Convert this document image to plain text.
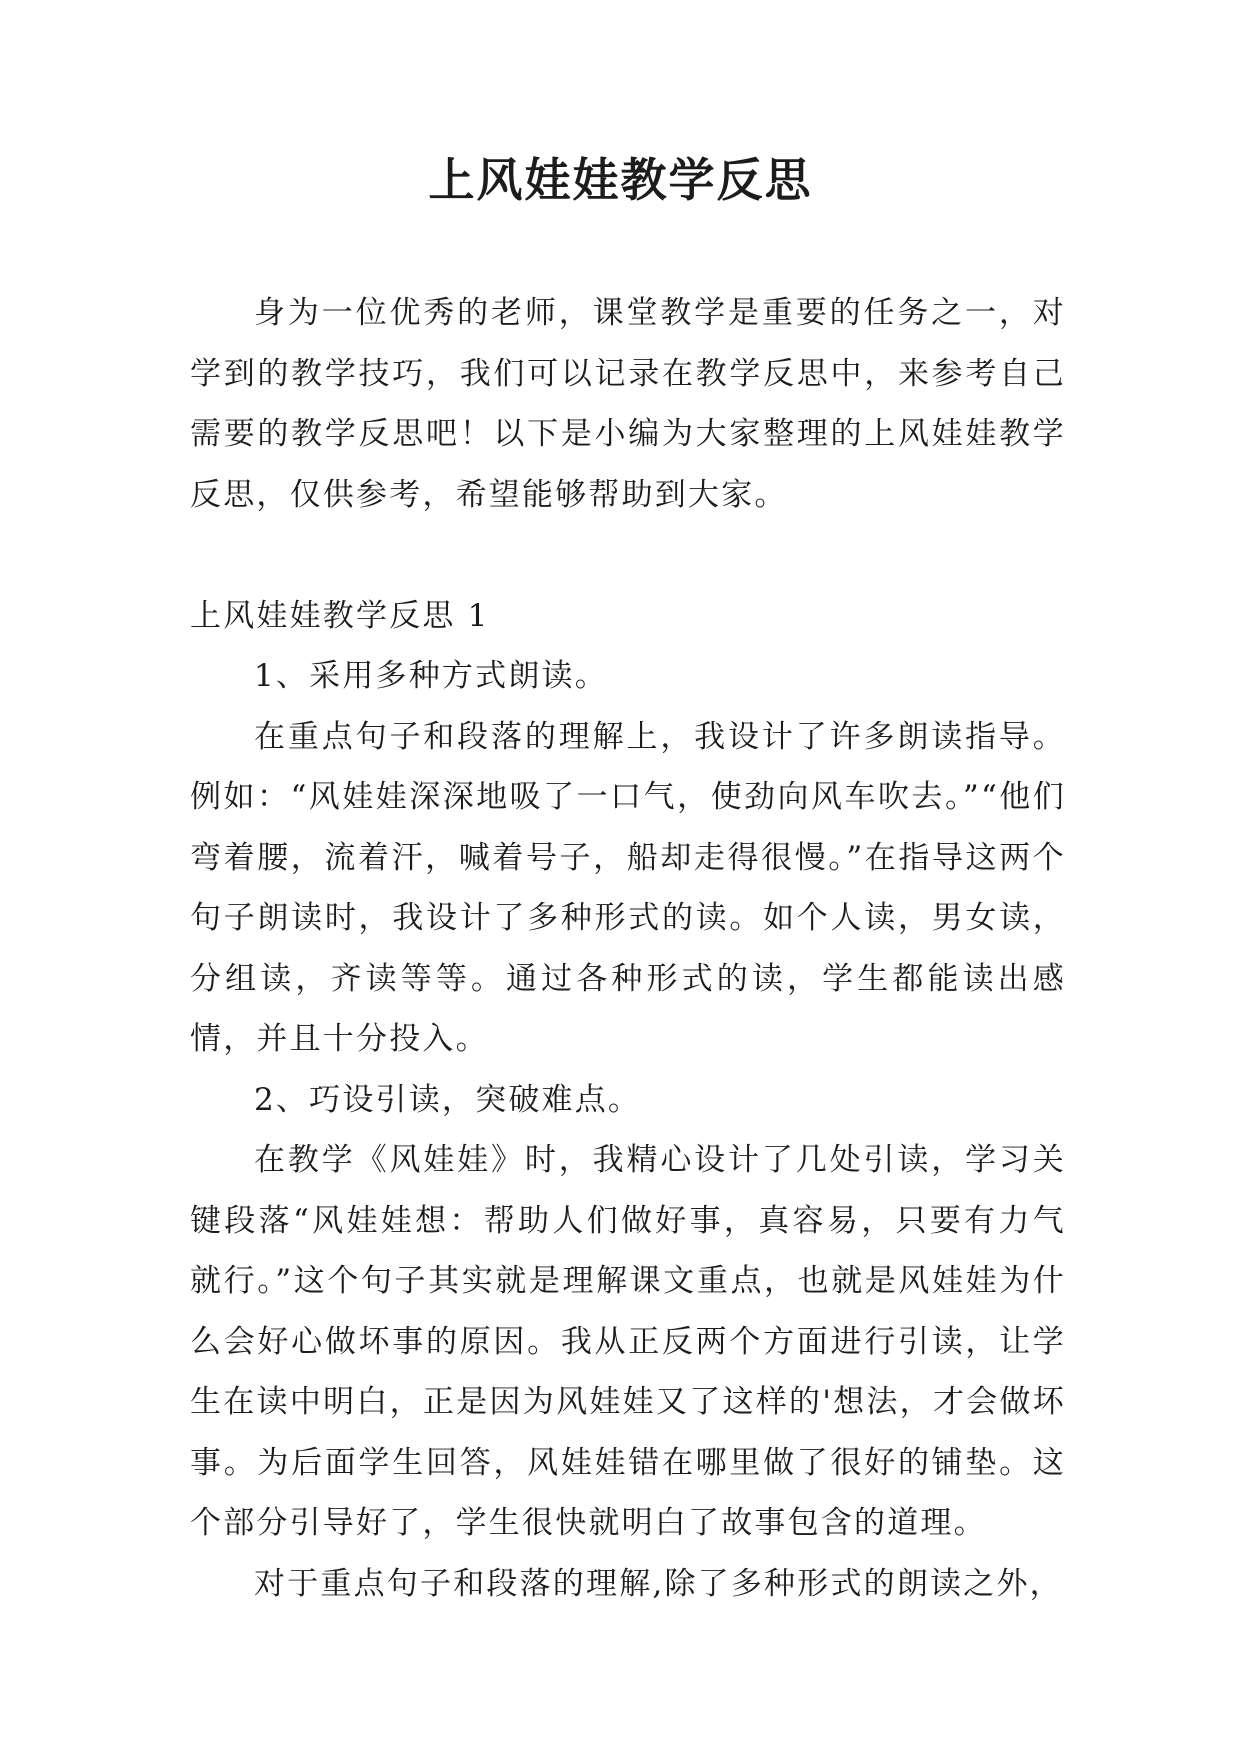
上风娃娃教学反思

身为一位优秀的老师，课堂教学是重要的任务之一，对学到的教学技巧，我们可以记录在教学反思中，来参考自己需要的教学反思吧！以下是小编为大家整理的上风娃娃教学反思，仅供参考，希望能够帮助到大家。

上风娃娃教学反思 1

1、采用多种方式朗读。

在重点句子和段落的理解上，我设计了许多朗读指导。例如：“风娃娃深深地吸了一口气，使劲向风车吹去。”“他们弯着腰，流着汗，喊着号子，船却走得很慢。”在指导这两个句子朗读时，我设计了多种形式的读。如个人读，男女读，分组读，齐读等等。通过各种形式的读，学生都能读出感情，并且十分投入。

2、巧设引读，突破难点。

在教学《风娃娃》时，我精心设计了几处引读，学习关键段落“风娃娃想：帮助人们做好事，真容易，只要有力气就行。”这个句子其实就是理解课文重点，也就是风娃娃为什么会好心做坏事的原因。我从正反两个方面进行引读，让学生在读中明白，正是因为风娃娃又了这样的'想法，才会做坏事。为后面学生回答，风娃娃错在哪里做了很好的铺垫。这个部分引导好了，学生很快就明白了故事包含的道理。

对于重点句子和段落的理解,除了多种形式的朗读之外，
